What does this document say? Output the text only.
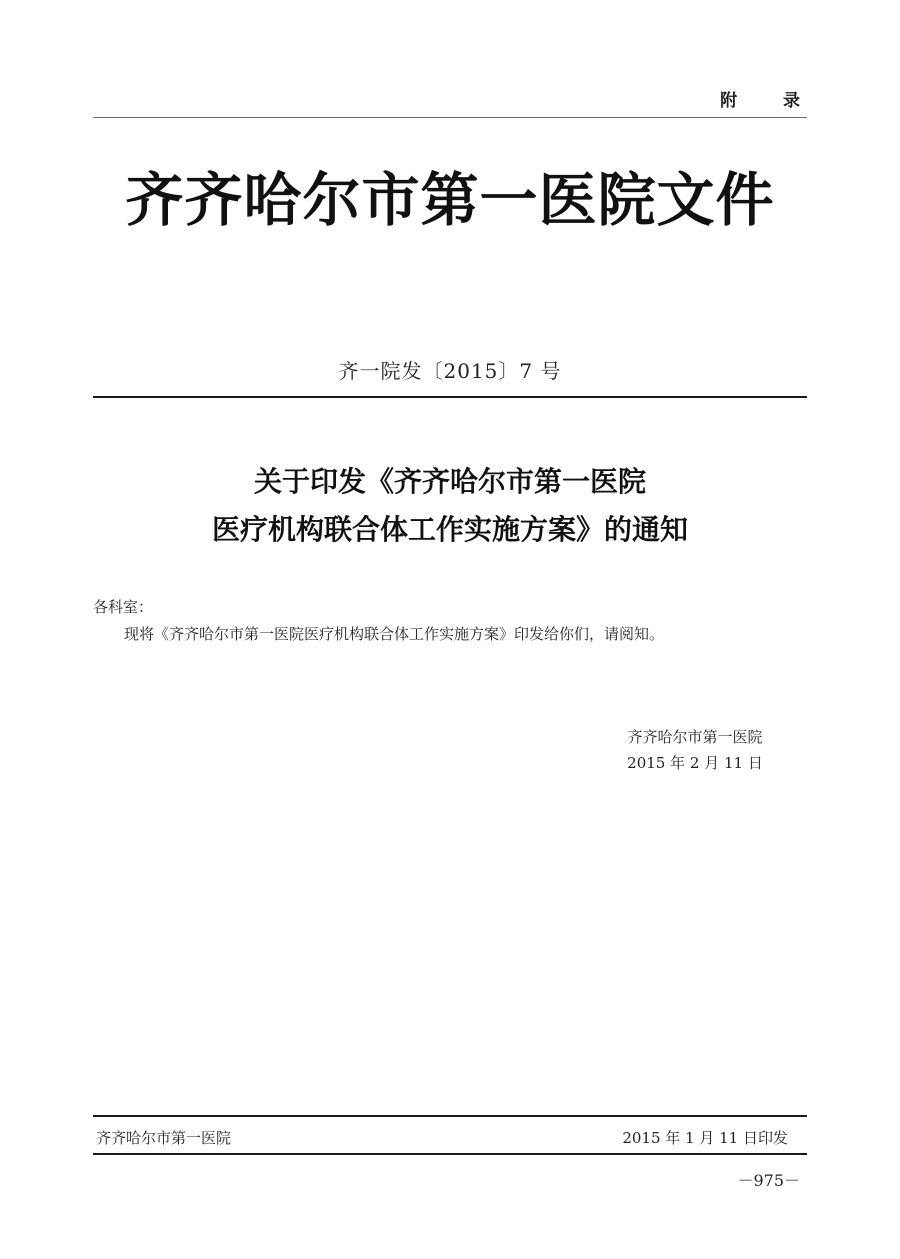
附 录
齐齐哈尔市第一医院文件
齐一院发〔2015〕7 号
关于印发《齐齐哈尔市第一医院
医疗机构联合体工作实施方案》的通知
各科室：
现将《齐齐哈尔市第一医院医疗机构联合体工作实施方案》印发给你们，请阅知。
齐齐哈尔市第一医院
2015 年 2 月 11 日
齐齐哈尔市第一医院	2015 年 1 月 11 日印发
－975－
